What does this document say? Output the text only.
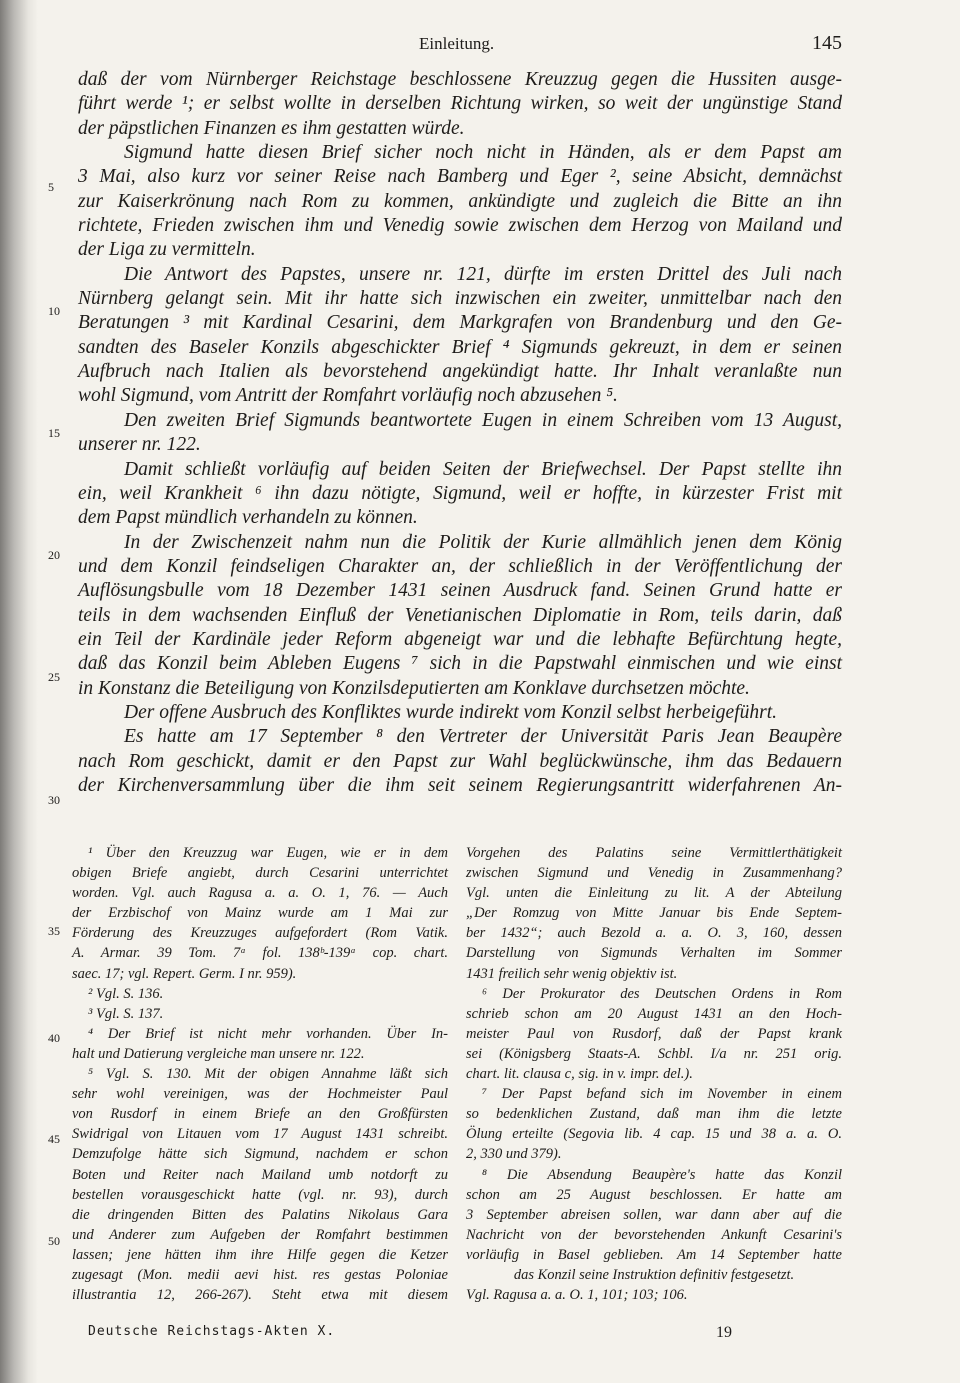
Einleitung.	145
5
10
15
20
25
30
35
40
45
50
daß der vom Nürnberger Reichstage beschlossene Kreuzzug gegen die Hussiten ausge-
führt werde ¹; er selbst wollte in derselben Richtung wirken, so weit der ungünstige Stand
der päpstlichen Finanzen es ihm gestatten würde.
Sigmund hatte diesen Brief sicher noch nicht in Händen, als er dem Papst am
3 Mai, also kurz vor seiner Reise nach Bamberg und Eger ², seine Absicht, demnächst
zur Kaiserkrönung nach Rom zu kommen, ankündigte und zugleich die Bitte an ihn
richtete, Frieden zwischen ihm und Venedig sowie zwischen dem Herzog von Mailand und
der Liga zu vermitteln.
Die Antwort des Papstes, unsere nr. 121, dürfte im ersten Drittel des Juli nach
Nürnberg gelangt sein. Mit ihr hatte sich inzwischen ein zweiter, unmittelbar nach den
Beratungen ³ mit Kardinal Cesarini, dem Markgrafen von Brandenburg und den Ge-
sandten des Baseler Konzils abgeschickter Brief ⁴ Sigmunds gekreuzt, in dem er seinen
Aufbruch nach Italien als bevorstehend angekündigt hatte. Ihr Inhalt veranlaßte nun
wohl Sigmund, vom Antritt der Romfahrt vorläufig noch abzusehen ⁵.
Den zweiten Brief Sigmunds beantwortete Eugen in einem Schreiben vom 13 August,
unserer nr. 122.
Damit schließt vorläufig auf beiden Seiten der Briefwechsel. Der Papst stellte ihn
ein, weil Krankheit ⁶ ihn dazu nötigte, Sigmund, weil er hoffte, in kürzester Frist mit
dem Papst mündlich verhandeln zu können.
In der Zwischenzeit nahm nun die Politik der Kurie allmählich jenen dem König
und dem Konzil feindseligen Charakter an, der schließlich in der Veröffentlichung der
Auflösungsbulle vom 18 Dezember 1431 seinen Ausdruck fand. Seinen Grund hatte er
teils in dem wachsenden Einfluß der Venetianischen Diplomatie in Rom, teils darin, daß
ein Teil der Kardinäle jeder Reform abgeneigt war und die lebhafte Befürchtung hegte,
daß das Konzil beim Ableben Eugens ⁷ sich in die Papstwahl einmischen und wie einst
in Konstanz die Beteiligung von Konzilsdeputierten am Konklave durchsetzen möchte.
Der offene Ausbruch des Konfliktes wurde indirekt vom Konzil selbst herbeigeführt.
Es hatte am 17 September ⁸ den Vertreter der Universität Paris Jean Beaupère
nach Rom geschickt, damit er den Papst zur Wahl beglückwünsche, ihm das Bedauern
der Kirchenversammlung über die ihm seit seinem Regierungsantritt widerfahrenen An-
¹ Über den Kreuzzug war Eugen, wie er in dem
obigen Briefe angiebt, durch Cesarini unterrichtet
worden. Vgl. auch Ragusa a. a. O. 1, 76. — Auch
der Erzbischof von Mainz wurde am 1 Mai zur
Förderung des Kreuzzuges aufgefordert (Rom Vatik.
A. Armar. 39 Tom. 7ᵃ fol. 138ᵇ-139ᵃ cop. chart.
saec. 17; vgl. Repert. Germ. I nr. 959).
² Vgl. S. 136.
³ Vgl. S. 137.
⁴ Der Brief ist nicht mehr vorhanden. Über In-
halt und Datierung vergleiche man unsere nr. 122.
⁵ Vgl. S. 130. Mit der obigen Annahme läßt sich
sehr wohl vereinigen, was der Hochmeister Paul
von Rusdorf in einem Briefe an den Großfürsten
Swidrigal von Litauen vom 17 August 1431 schreibt.
Demzufolge hätte sich Sigmund, nachdem er schon
Boten und Reiter nach Mailand umb notdorft zu
bestellen vorausgeschickt hatte (vgl. nr. 93), durch
die dringenden Bitten des Palatins Nikolaus Gara
und Anderer zum Aufgeben der Romfahrt bestimmen
lassen; jene hätten ihm ihre Hilfe gegen die Ketzer
zugesagt (Mon. medii aevi hist. res gestas Poloniae
illustrantia 12, 266-267). Steht etwa mit diesem
Vorgehen des Palatins seine Vermittlerthätigkeit
zwischen Sigmund und Venedig in Zusammenhang?
Vgl. unten die Einleitung zu lit. A der Abteilung
„Der Romzug von Mitte Januar bis Ende Septem-
ber 1432“; auch Bezold a. a. O. 3, 160, dessen
Darstellung von Sigmunds Verhalten im Sommer
1431 freilich sehr wenig objektiv ist.
⁶ Der Prokurator des Deutschen Ordens in Rom
schrieb schon am 20 August 1431 an den Hoch-
meister Paul von Rusdorf, daß der Papst krank
sei (Königsberg Staats-A. Schbl. I/a nr. 251 orig.
chart. lit. clausa c, sig. in v. impr. del.).
⁷ Der Papst befand sich im November in einem
so bedenklichen Zustand, daß man ihm die letzte
Ölung erteilte (Segovia lib. 4 cap. 15 und 38 a. a. O.
2, 330 und 379).
⁸ Die Absendung Beaupère's hatte das Konzil
schon am 25 August beschlossen. Er hatte am
3 September abreisen sollen, war dann aber auf die
Nachricht von der bevorstehenden Ankunft Cesarini's
vorläufig in Basel geblieben. Am 14 September hatte
das Konzil seine Instruktion definitiv festgesetzt.
Vgl. Ragusa a. a. O. 1, 101; 103; 106.
Deutsche Reichstags-Akten X.	19
